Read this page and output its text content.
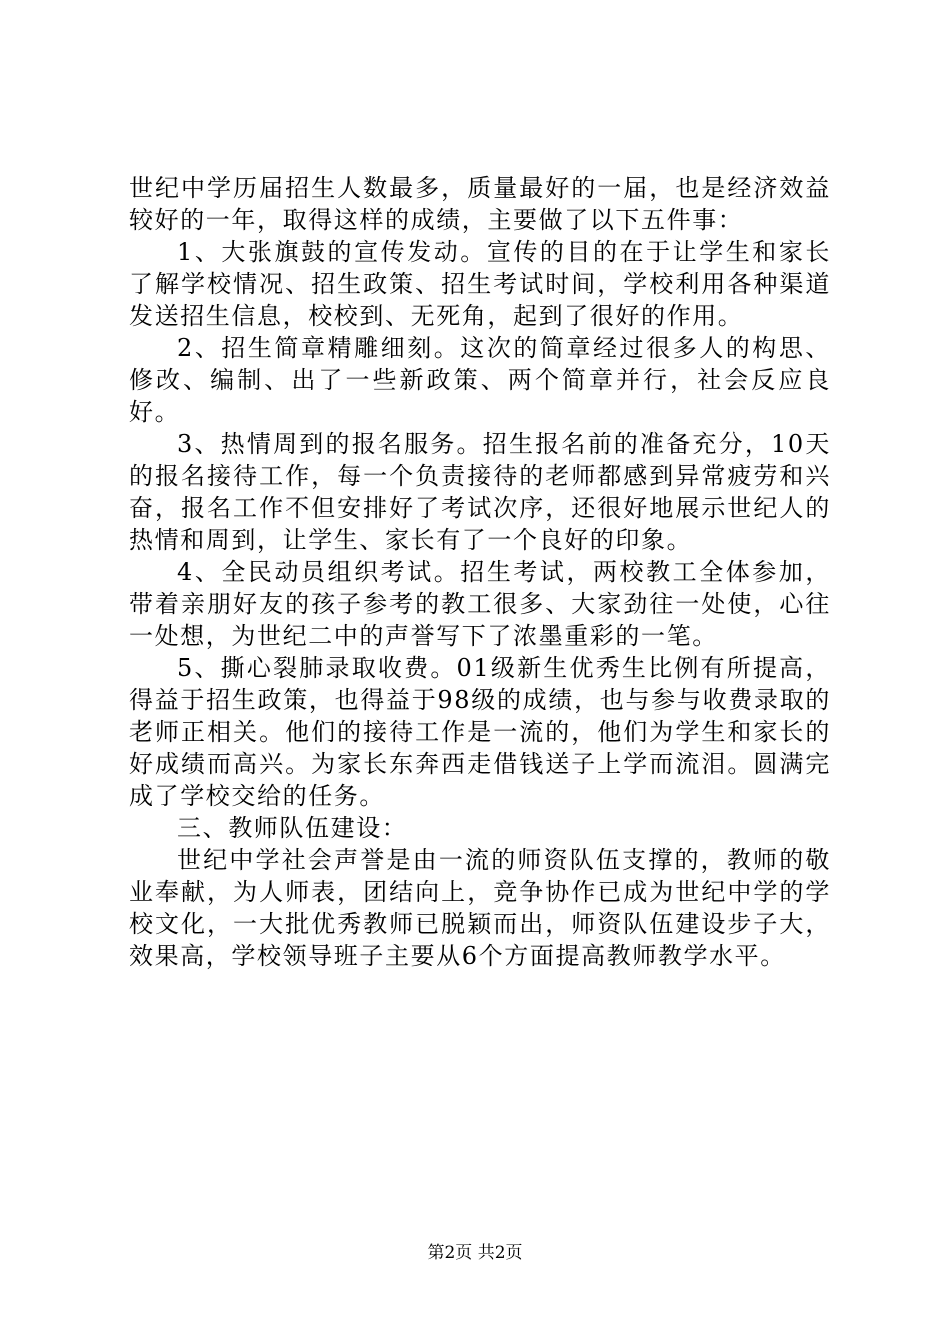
世纪中学历届招生人数最多，质量最好的一届，也是经济效益较好的一年，取得这样的成绩，主要做了以下五件事：

1、大张旗鼓的宣传发动。宣传的目的在于让学生和家长了解学校情况、招生政策、招生考试时间，学校利用各种渠道发送招生信息，校校到、无死角，起到了很好的作用。

2、招生简章精雕细刻。这次的简章经过很多人的构思、修改、编制、出了一些新政策、两个简章并行，社会反应良好。

3、热情周到的报名服务。招生报名前的准备充分，10天的报名接待工作，每一个负责接待的老师都感到异常疲劳和兴奋，报名工作不但安排好了考试次序，还很好地展示世纪人的热情和周到，让学生、家长有了一个良好的印象。

4、全民动员组织考试。招生考试，两校教工全体参加，带着亲朋好友的孩子参考的教工很多、大家劲往一处使，心往一处想，为世纪二中的声誉写下了浓墨重彩的一笔。

5、撕心裂肺录取收费。01级新生优秀生比例有所提高，得益于招生政策，也得益于98级的成绩，也与参与收费录取的老师正相关。他们的接待工作是一流的，他们为学生和家长的好成绩而高兴。为家长东奔西走借钱送子上学而流泪。圆满完成了学校交给的任务。

三、教师队伍建设：

世纪中学社会声誉是由一流的师资队伍支撑的，教师的敬业奉献，为人师表，团结向上，竞争协作已成为世纪中学的学校文化，一大批优秀教师已脱颖而出，师资队伍建设步子大，效果高，学校领导班子主要从6个方面提高教师教学水平。

第2页 共2页
